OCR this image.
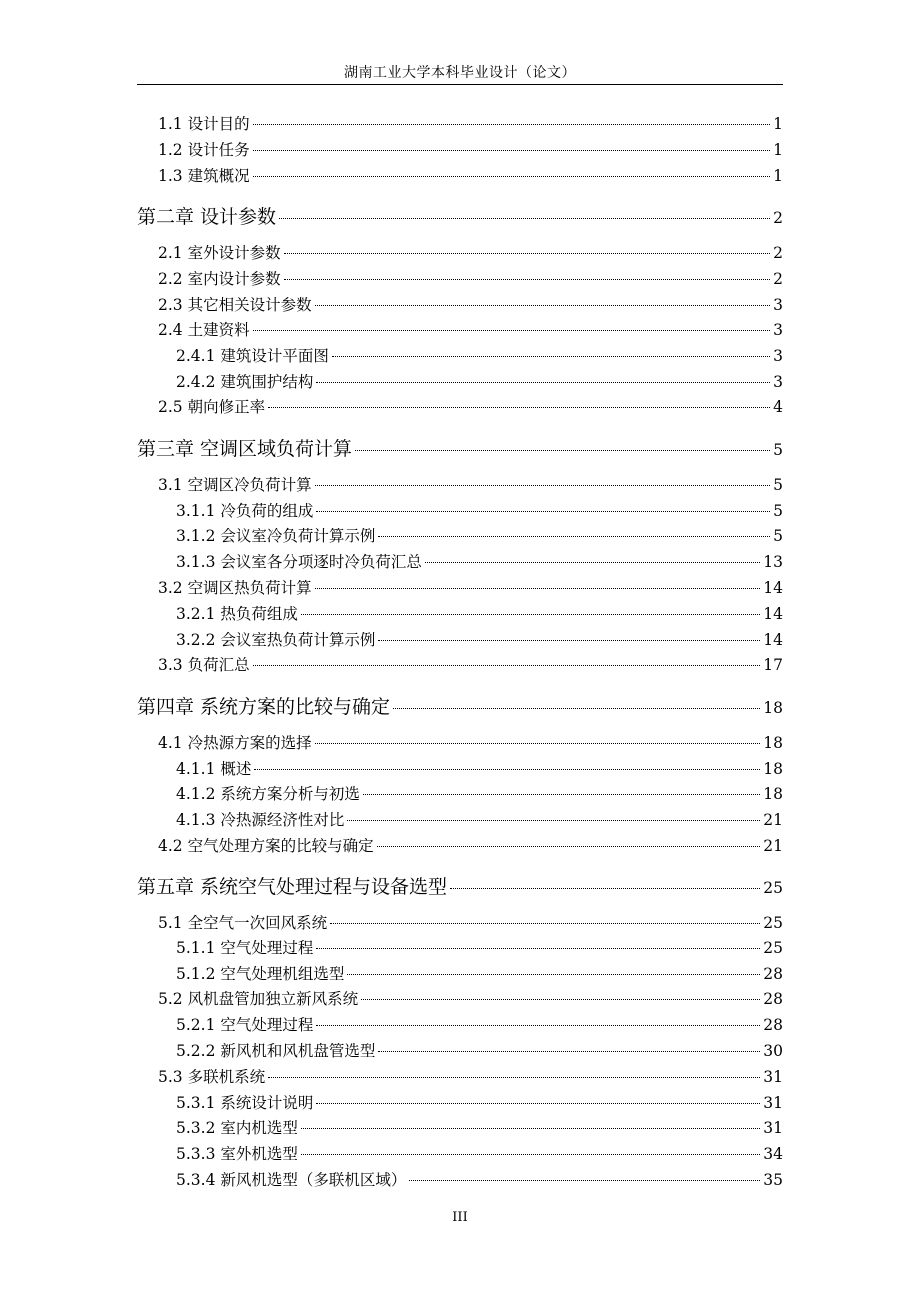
湖南工业大学本科毕业设计（论文）
1.1 设计目的	1
1.2 设计任务	1
1.3 建筑概况	1
第二章 设计参数	2
2.1 室外设计参数	2
2.2 室内设计参数	2
2.3 其它相关设计参数	3
2.4 土建资料	3
2.4.1 建筑设计平面图	3
2.4.2 建筑围护结构	3
2.5 朝向修正率	4
第三章 空调区域负荷计算	5
3.1 空调区冷负荷计算	5
3.1.1 冷负荷的组成	5
3.1.2 会议室冷负荷计算示例	5
3.1.3 会议室各分项逐时冷负荷汇总	13
3.2 空调区热负荷计算	14
3.2.1 热负荷组成	14
3.2.2 会议室热负荷计算示例	14
3.3 负荷汇总	17
第四章 系统方案的比较与确定	18
4.1 冷热源方案的选择	18
4.1.1 概述	18
4.1.2 系统方案分析与初选	18
4.1.3 冷热源经济性对比	21
4.2 空气处理方案的比较与确定	21
第五章 系统空气处理过程与设备选型	25
5.1 全空气一次回风系统	25
5.1.1 空气处理过程	25
5.1.2 空气处理机组选型	28
5.2 风机盘管加独立新风系统	28
5.2.1 空气处理过程	28
5.2.2 新风机和风机盘管选型	30
5.3 多联机系统	31
5.3.1 系统设计说明	31
5.3.2 室内机选型	31
5.3.3 室外机选型	34
5.3.4 新风机选型（多联机区域）	35
III
